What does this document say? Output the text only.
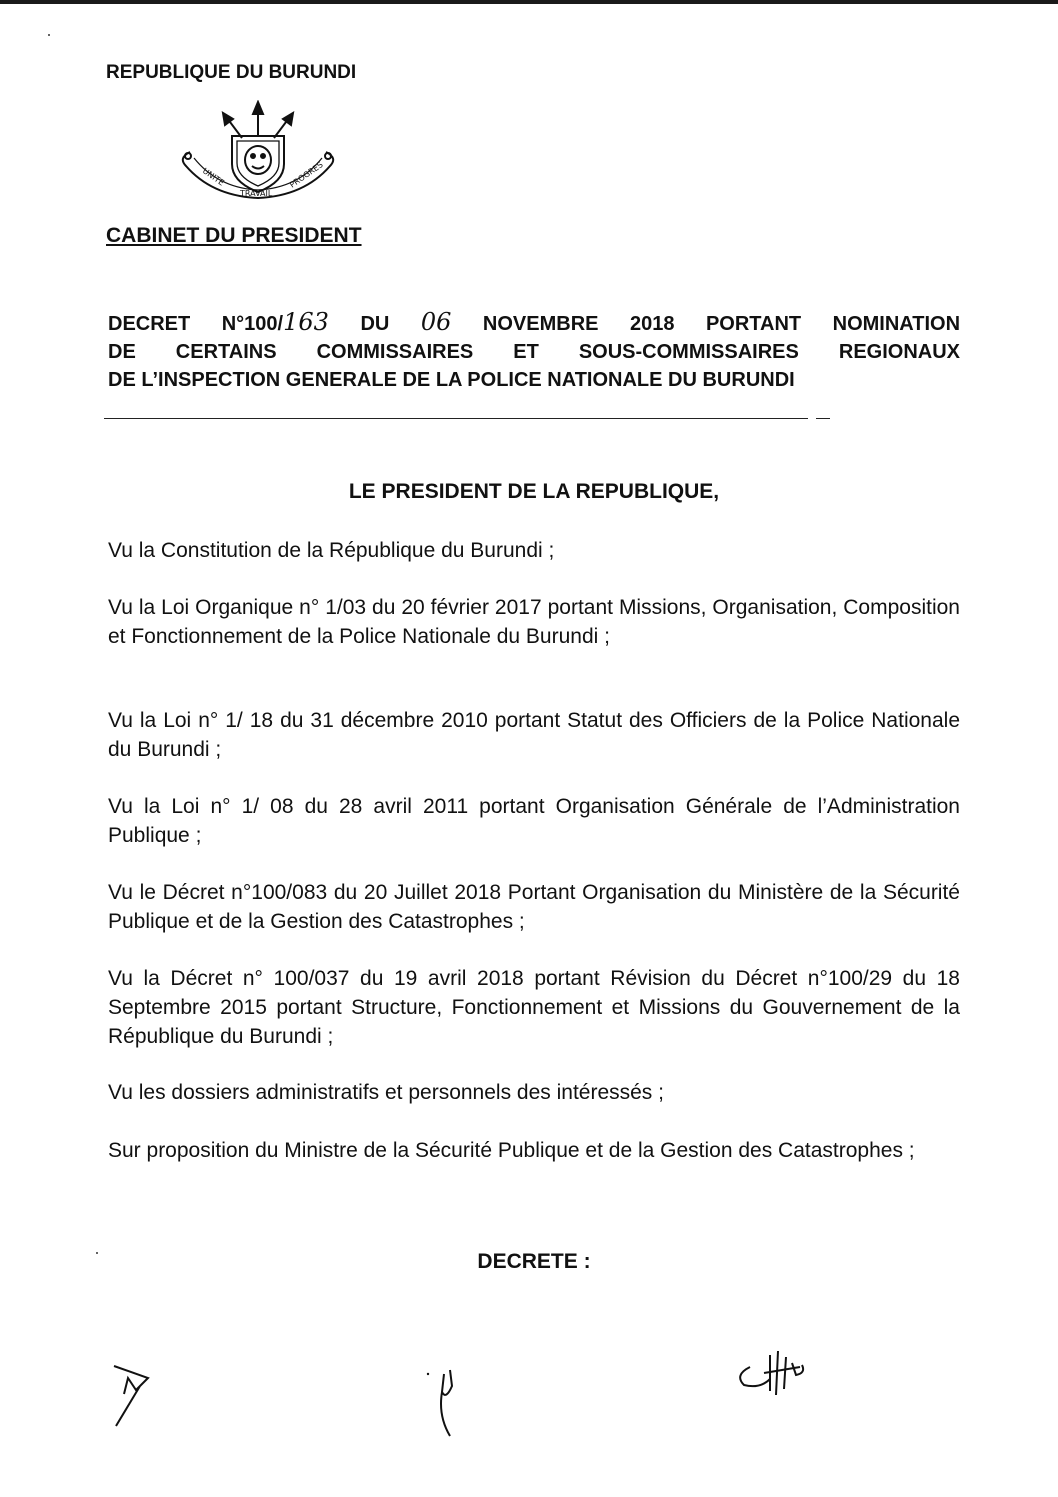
REPUBLIQUE DU BURUNDI
UNITE
TRAVAIL
PROGRES
CABINET DU PRESIDENT
DECRET N°100/163 DU 06 NOVEMBRE 2018 PORTANT NOMINATION
DE CERTAINS COMMISSAIRES ET SOUS-COMMISSAIRES REGIONAUX
DE L’INSPECTION GENERALE DE LA POLICE NATIONALE DU BURUNDI
LE PRESIDENT DE LA REPUBLIQUE,

Vu la Constitution de la République du Burundi ;

Vu la Loi Organique n° 1/03 du 20 février 2017 portant Missions, Organisation, Composition et Fonctionnement de la Police Nationale du Burundi ;

Vu la Loi n° 1/ 18 du 31 décembre 2010 portant Statut des Officiers de la Police Nationale du Burundi ;

Vu la Loi n° 1/ 08 du 28 avril 2011 portant Organisation Générale de l’Administration Publique ;

Vu le Décret n°100/083 du 20 Juillet 2018 Portant Organisation du Ministère de la Sécurité Publique et de la Gestion des Catastrophes ;

Vu la Décret n° 100/037 du 19 avril 2018 portant Révision du Décret n°100/29 du 18 Septembre 2015 portant Structure, Fonctionnement et Missions du Gouvernement de la République du Burundi ;

Vu les dossiers administratifs et personnels des intéressés ;

Sur proposition du Ministre de la Sécurité Publique et de la Gestion des Catastrophes ;

DECRETE :
